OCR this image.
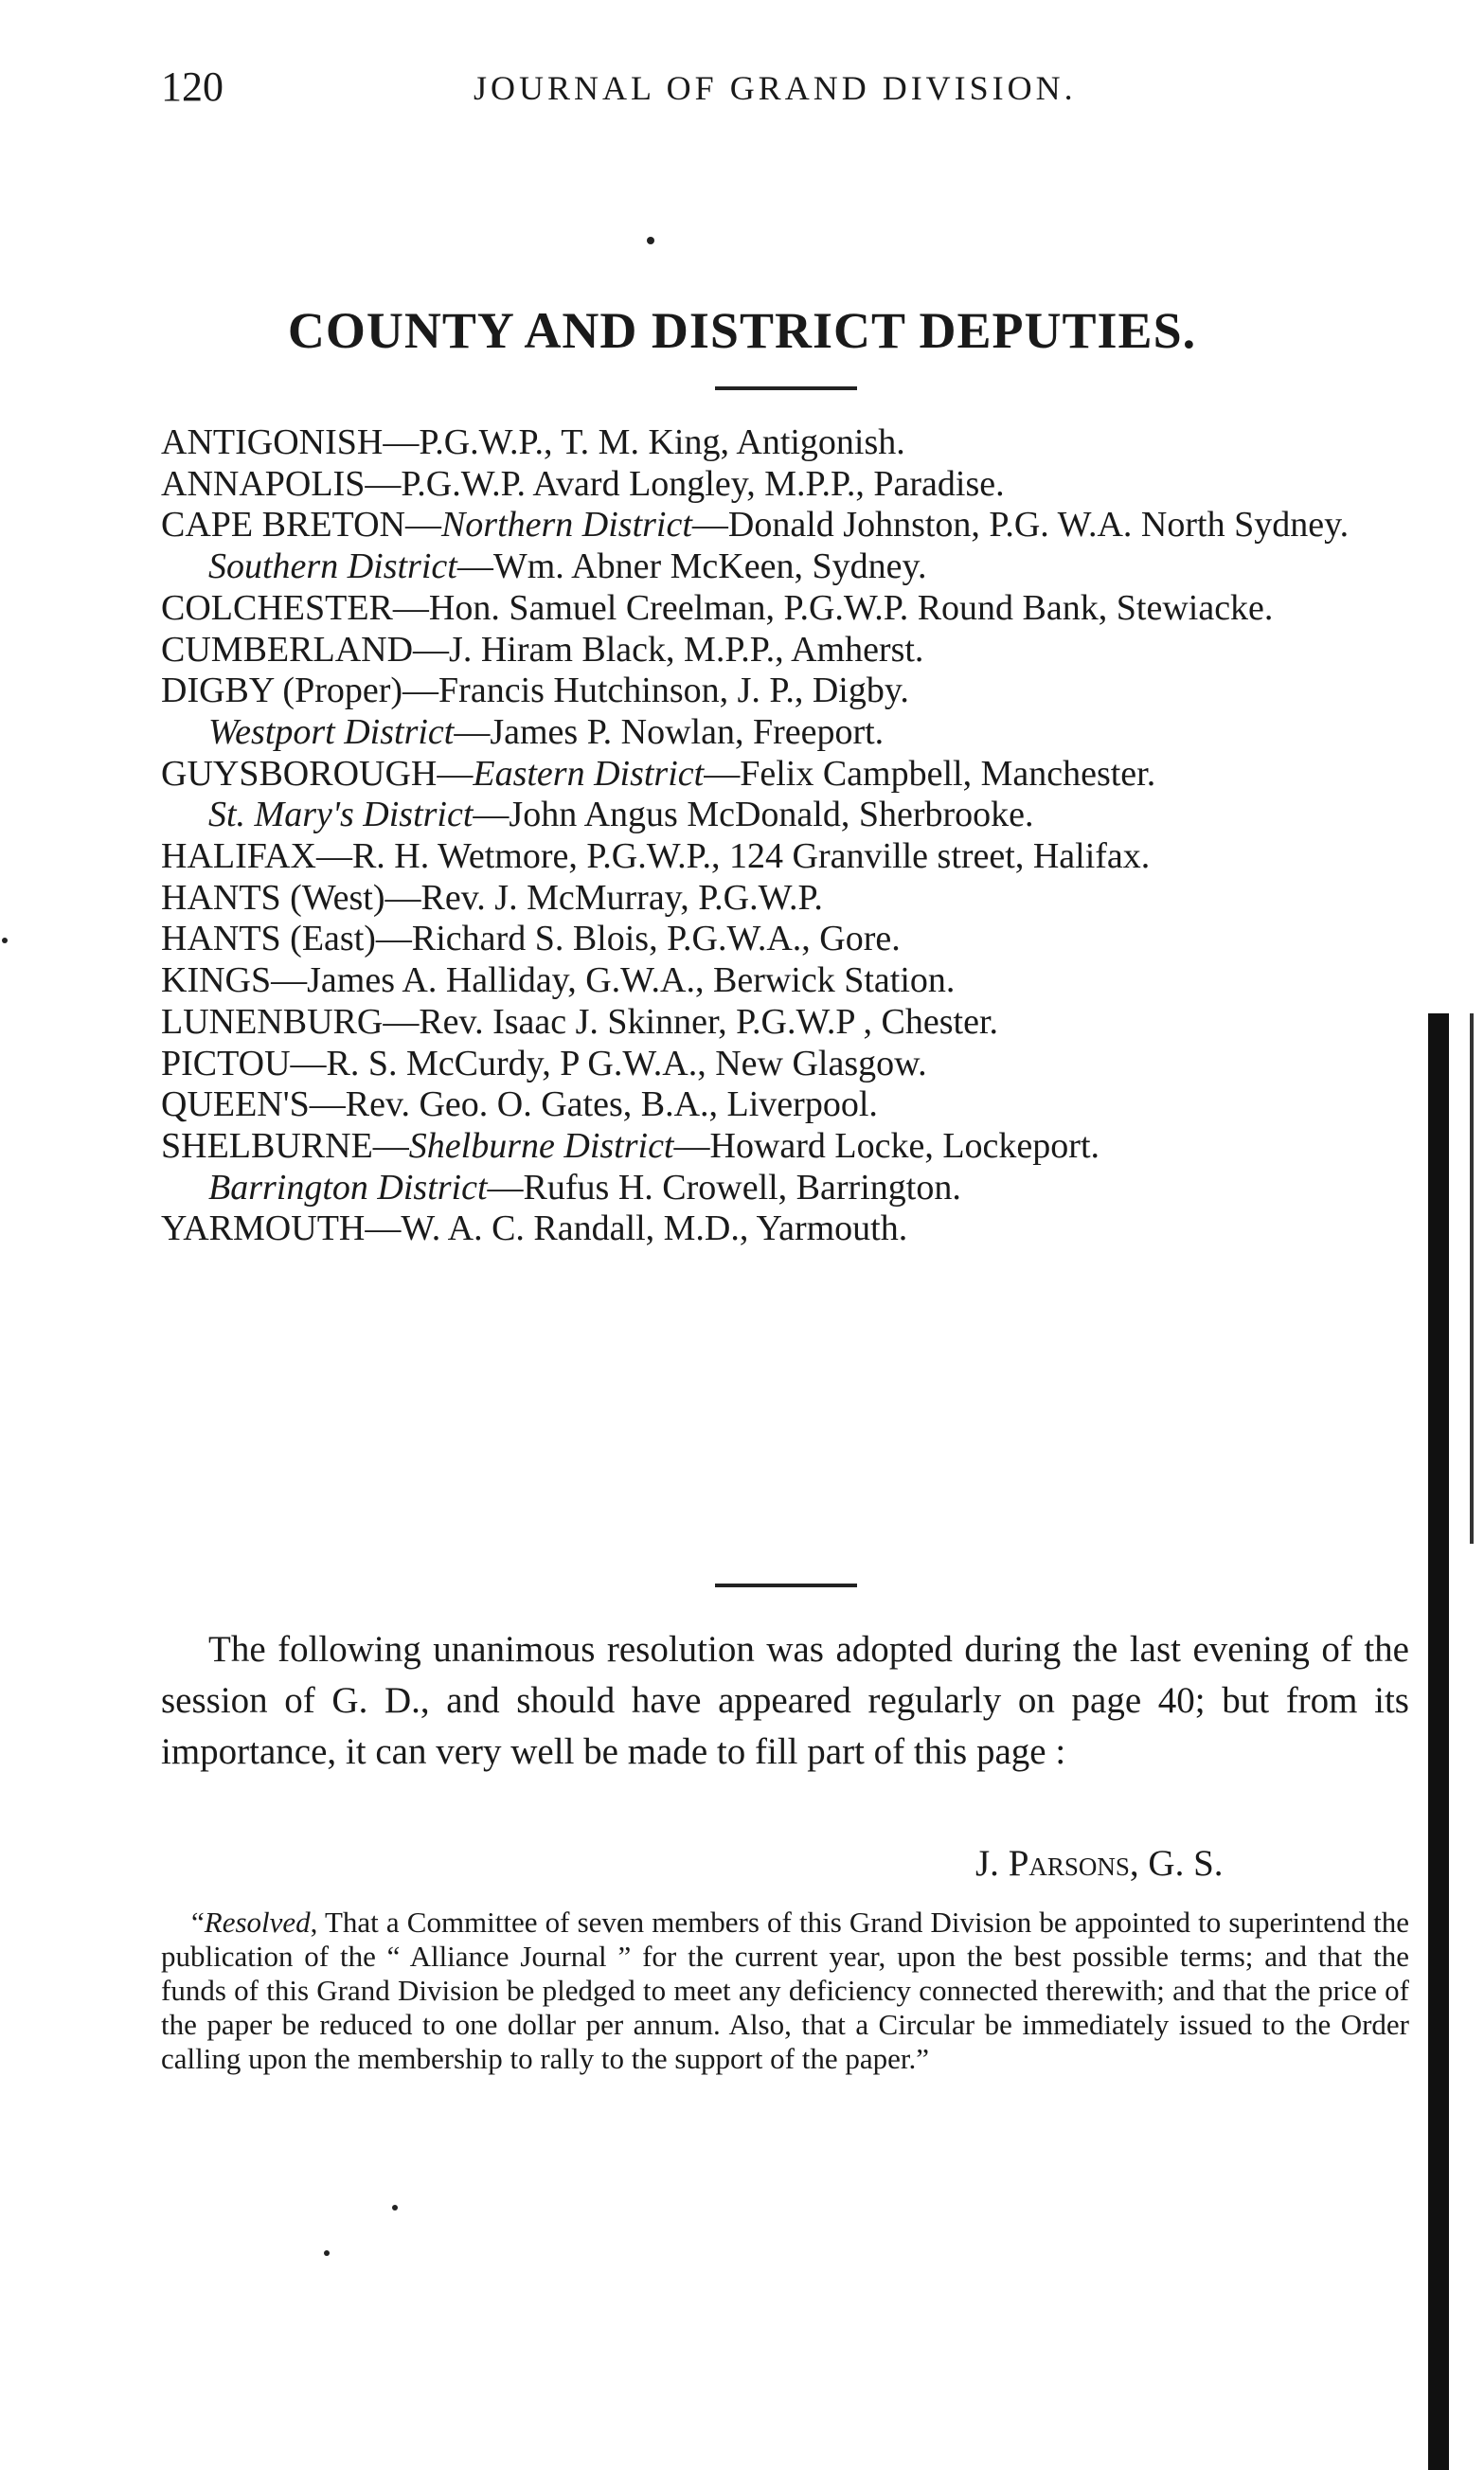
120	JOURNAL OF GRAND DIVISION.
COUNTY AND DISTRICT DEPUTIES.
ANTIGONISH—P.G.W.P., T. M. King, Antigonish.
ANNAPOLIS—P.G.W.P. Avard Longley, M.P.P., Paradise.
CAPE BRETON—Northern District—Donald Johnston, P.G. W.A. North Sydney.
Southern District—Wm. Abner McKeen, Sydney.
COLCHESTER—Hon. Samuel Creelman, P.G.W.P. Round Bank, Stewiacke.
CUMBERLAND—J. Hiram Black, M.P.P., Amherst.
DIGBY (Proper)—Francis Hutchinson, J. P., Digby.
Westport District—James P. Nowlan, Freeport.
GUYSBOROUGH—Eastern District—Felix Campbell, Manchester.
St. Mary's District—John Angus McDonald, Sherbrooke.
HALIFAX—R. H. Wetmore, P.G.W.P., 124 Granville street, Halifax.
HANTS (West)—Rev. J. McMurray, P.G.W.P.
HANTS (East)—Richard S. Blois, P.G.W.A., Gore.
KINGS—James A. Halliday, G.W.A., Berwick Station.
LUNENBURG—Rev. Isaac J. Skinner, P.G.W.P , Chester.
PICTOU—R. S. McCurdy, P G.W.A., New Glasgow.
QUEEN'S—Rev. Geo. O. Gates, B.A., Liverpool.
SHELBURNE—Shelburne District—Howard Locke, Lockeport.
Barrington District—Rufus H. Crowell, Barrington.
YARMOUTH—W. A. C. Randall, M.D., Yarmouth.
The following unanimous resolution was adopted during the last evening of the session of G. D., and should have appeared regularly on page 40; but from its importance, it can very well be made to fill part of this page :
J. Parsons, G. S.
“Resolved, That a Committee of seven members of this Grand Division be appointed to superintend the publication of the “ Alliance Journal ” for the current year, upon the best possible terms; and that the funds of this Grand Division be pledged to meet any deficiency connected therewith; and that the price of the paper be reduced to one dollar per annum. Also, that a Circular be immediately issued to the Order calling upon the membership to rally to the support of the paper.”
